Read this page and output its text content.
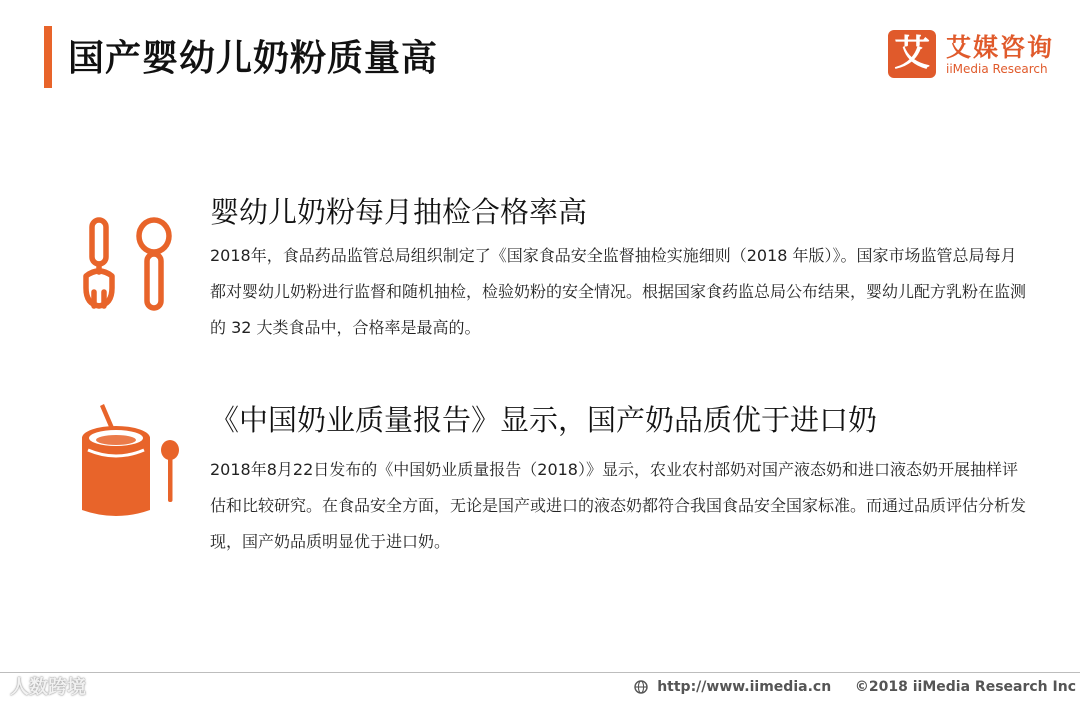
国产婴幼儿奶粉质量高	艾 艾媒咨询
iiMedia Research
婴幼儿奶粉每月抽检合格率高
2018年，食品药品监管总局组织制定了《国家食品安全监督抽检实施细则（2018 年版）》。国家市场监管总局每月都对婴幼儿奶粉进行监督和随机抽检，检验奶粉的安全情况。根据国家食药监总局公布结果，婴幼儿配方乳粉在监测的 32 大类食品中，合格率是最高的。
《中国奶业质量报告》显示，国产奶品质优于进口奶
2018年8月22日发布的《中国奶业质量报告（2018）》显示，农业农村部奶对国产液态奶和进口液态奶开展抽样评估和比较研究。在食品安全方面，无论是国产或进口的液态奶都符合我国食品安全国家标准。而通过品质评估分析发现，国产奶品质明显优于进口奶。
人数跨境	http://www.iimedia.cn ©2018 iiMedia Research Inc
